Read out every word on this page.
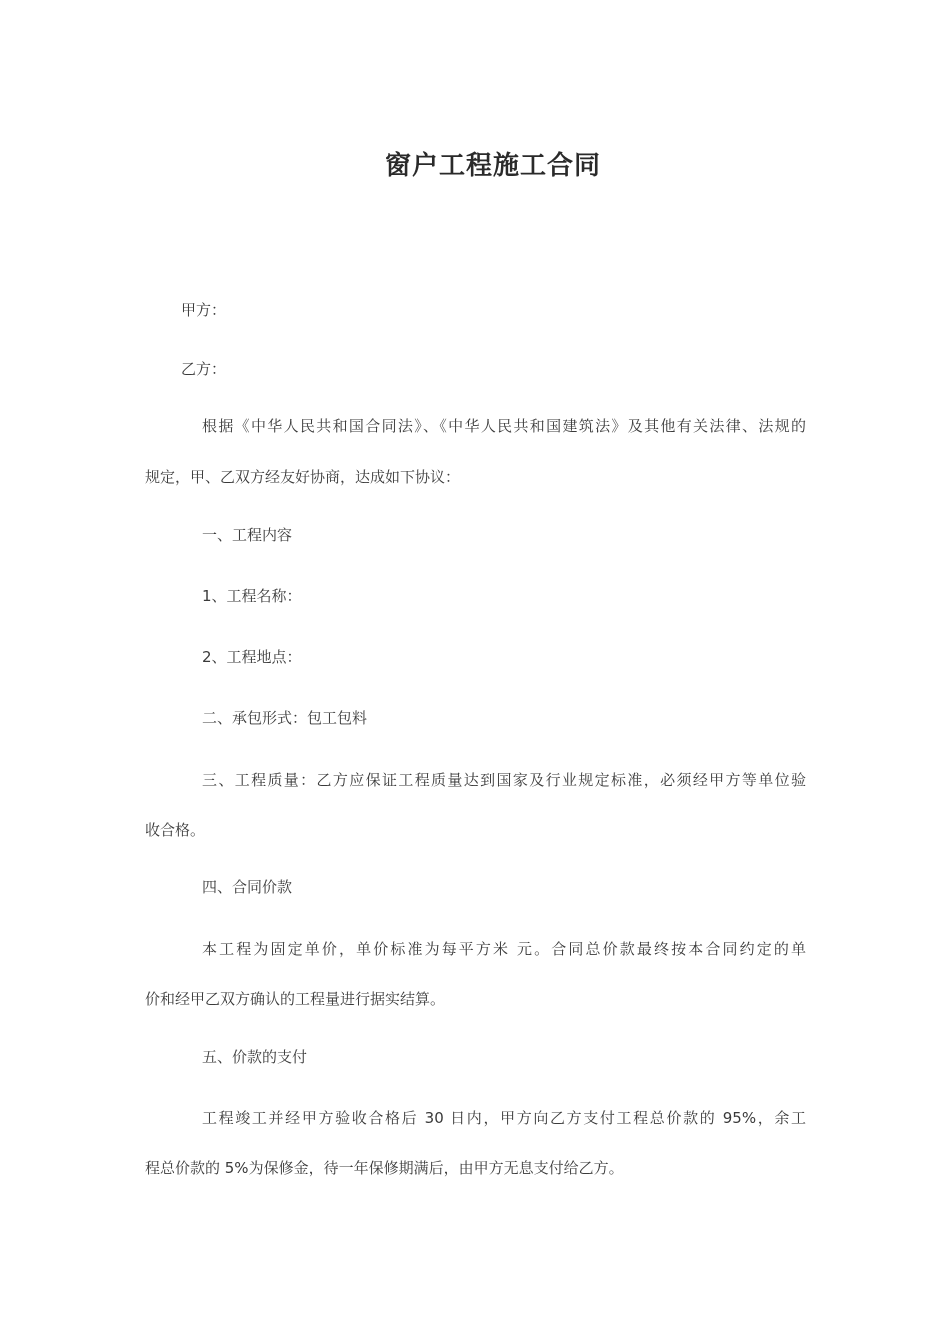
窗户工程施工合同
甲方：
乙方：
根据《中华人民共和国合同法》、《中华人民共和国建筑法》及其他有关法律、法规的
规定，甲、乙双方经友好协商，达成如下协议：
一、工程内容
1、工程名称：
2、工程地点：
二、承包形式：包工包料
三、工程质量：乙方应保证工程质量达到国家及行业规定标准，必须经甲方等单位验
收合格。
四、合同价款
本工程为固定单价，单价标准为每平方米 元。合同总价款最终按本合同约定的单
价和经甲乙双方确认的工程量进行据实结算。
五、价款的支付
工程竣工并经甲方验收合格后 30 日内，甲方向乙方支付工程总价款的 95%，余工
程总价款的 5%为保修金，待一年保修期满后，由甲方无息支付给乙方。
